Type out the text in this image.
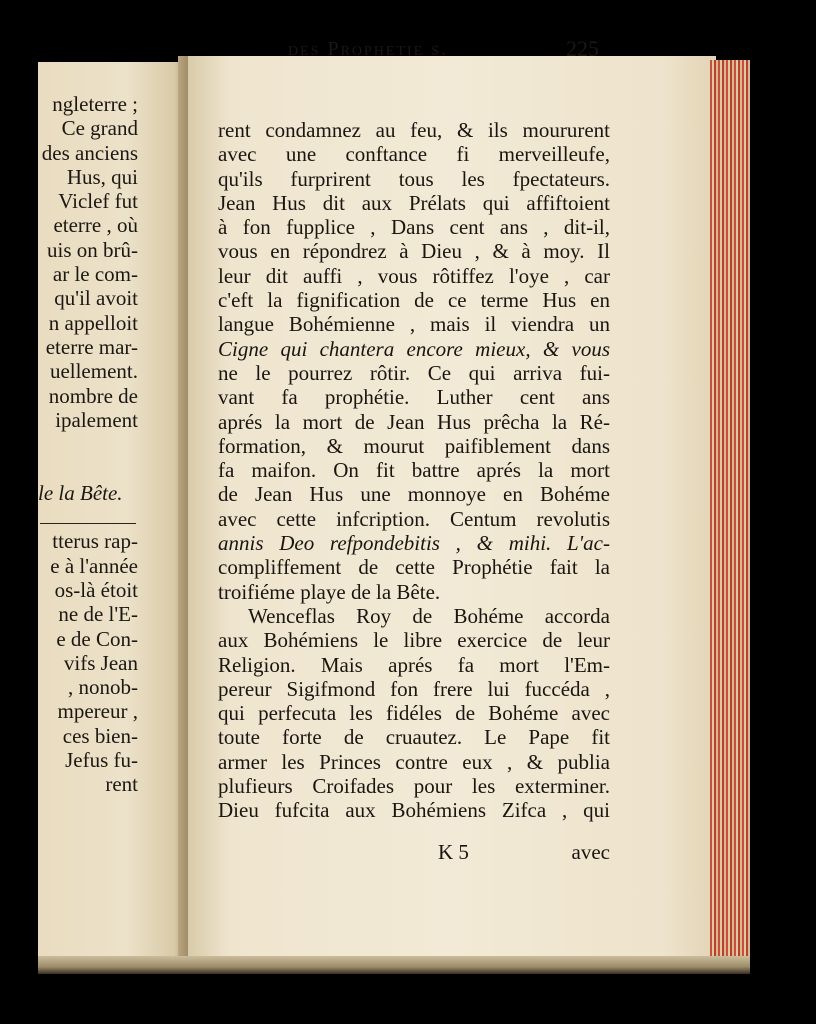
ngleterre ;
Ce grand
des anciens
Hus, qui
Viclef fut
eterre , où
uis on brû-
ar le com-
qu'il avoit
n appelloit
eterre mar-
uellement.
nombre de
ipalement
le la Bête.
tterus rap-
e à l'année
os-là étoit
ne de l'E-
e de Con-
vifs Jean
, nonob-
mpereur ,
ces bien-
Jefus fu-
rent
des Prophetie s.	225
rent condamnez au feu, & ils moururent
avec une conftance fi merveilleufe,
qu'ils furprirent tous les fpectateurs.
Jean Hus dit aux Prélats qui affiftoient
à fon fupplice , Dans cent ans , dit-il,
vous en répondrez à Dieu , & à moy. Il
leur dit auffi , vous rôtiffez l'oye , car
c'eft la fignification de ce terme Hus en
langue Bohémienne , mais il viendra un
Cigne qui chantera encore mieux, & vous
ne le pourrez rôtir. Ce qui arriva fui-
vant fa prophétie. Luther cent ans
aprés la mort de Jean Hus prêcha la Ré-
formation, & mourut paifiblement dans
fa maifon. On fit battre aprés la mort
de Jean Hus une monnoye en Bohéme
avec cette infcription. Centum revolutis
annis Deo refpondebitis , & mihi. L'ac-
compliffement de cette Prophétie fait la
troifiéme playe de la Bête.
Wenceflas Roy de Bohéme accorda
aux Bohémiens le libre exercice de leur
Religion. Mais aprés fa mort l'Em-
pereur Sigifmond fon frere lui fuccéda ,
qui perfecuta les fidéles de Bohéme avec
toute forte de cruautez. Le Pape fit
armer les Princes contre eux , & publia
plufieurs Croifades pour les exterminer.
Dieu fufcita aux Bohémiens Zifca , qui
K 5	avec
